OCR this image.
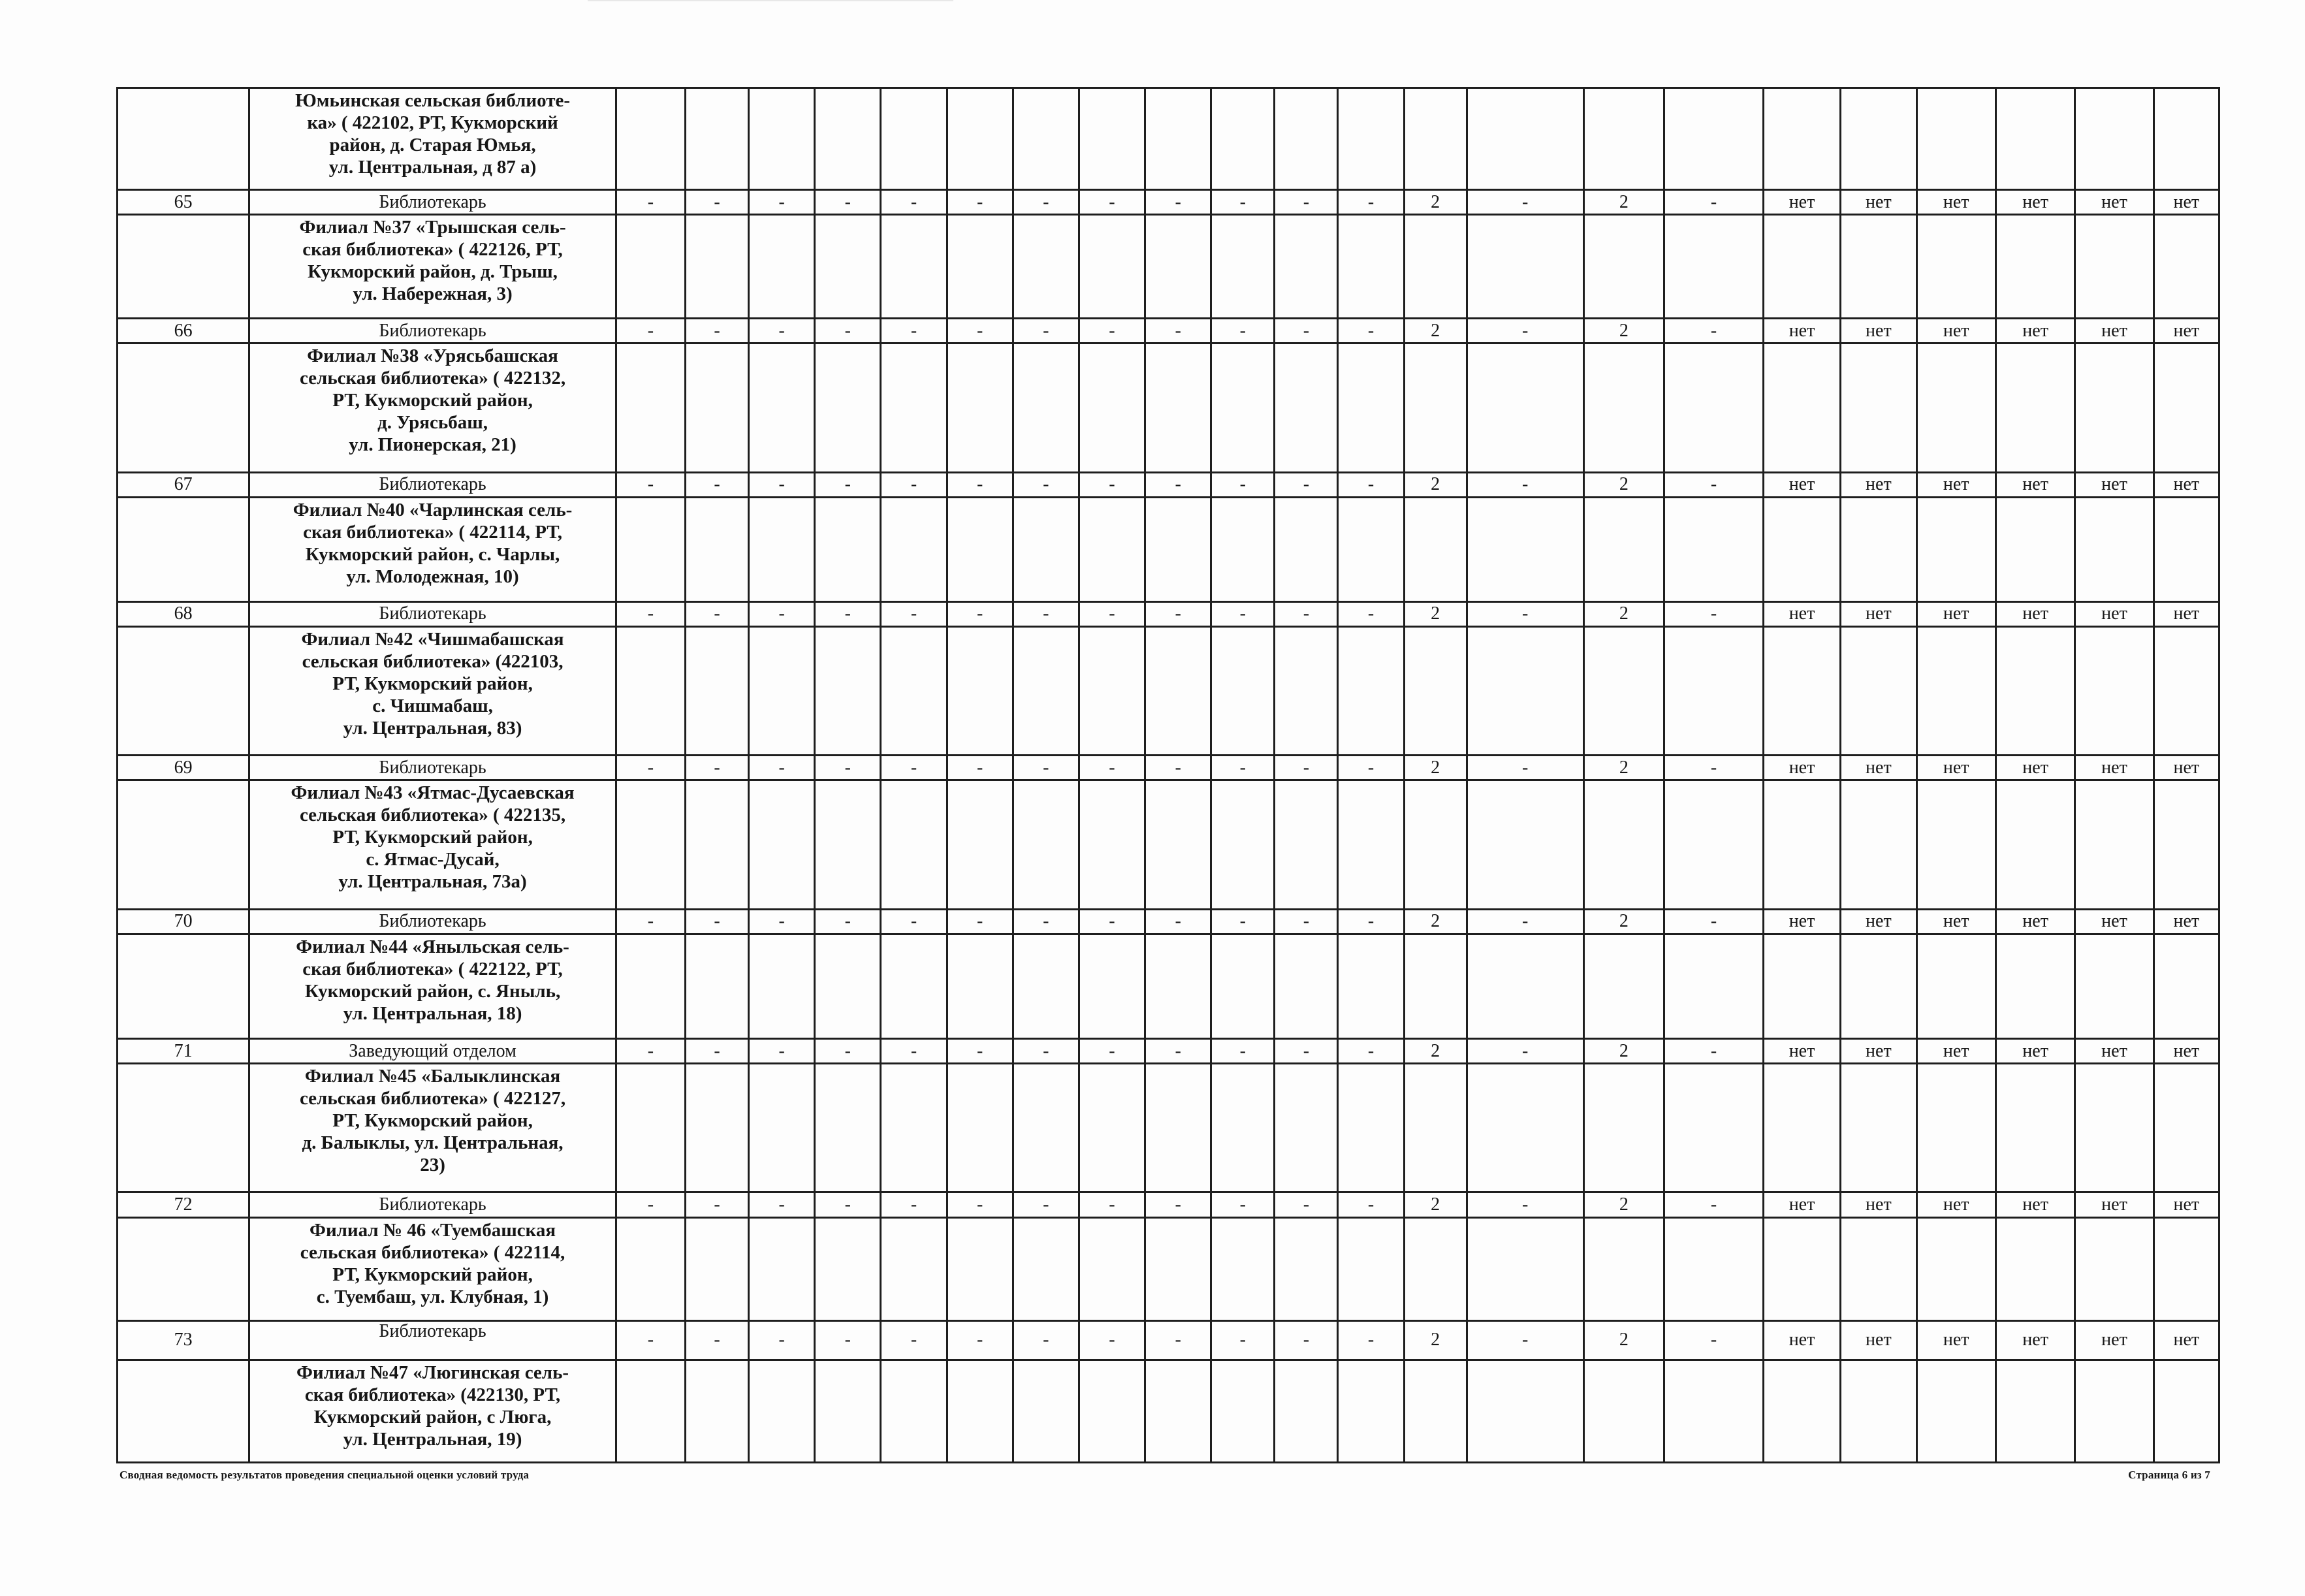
	Юмьинская сельская библиоте-
ка» ( 422102, РТ, Кукморский
район, д. Старая Юмья,
ул. Центральная, д 87 а)																						
65	Библиотекарь	-	-	-	-	-	-	-	-	-	-	-	-	2	-	2	-	нет	нет	нет	нет	нет	нет
	Филиал №37 «Трышская сель-
ская библиотека» ( 422126, РТ,
Кукморский район, д. Трыш,
ул. Набережная, 3)																						
66	Библиотекарь	-	-	-	-	-	-	-	-	-	-	-	-	2	-	2	-	нет	нет	нет	нет	нет	нет
	Филиал №38 «Урясьбашская
сельская библиотека» ( 422132,
РТ, Кукморский район,
д. Урясьбаш,
ул. Пионерская, 21)																						
67	Библиотекарь	-	-	-	-	-	-	-	-	-	-	-	-	2	-	2	-	нет	нет	нет	нет	нет	нет
	Филиал №40 «Чарлинская сель-
ская библиотека» ( 422114, РТ,
Кукморский район, с. Чарлы,
ул. Молодежная, 10)																						
68	Библиотекарь	-	-	-	-	-	-	-	-	-	-	-	-	2	-	2	-	нет	нет	нет	нет	нет	нет
	Филиал №42 «Чишмабашская
сельская библиотека» (422103,
РТ, Кукморский район,
с. Чишмабаш,
ул. Центральная, 83)																						
69	Библиотекарь	-	-	-	-	-	-	-	-	-	-	-	-	2	-	2	-	нет	нет	нет	нет	нет	нет
	Филиал №43 «Ятмас-Дусаевская
сельская библиотека» ( 422135,
РТ, Кукморский район,
с. Ятмас-Дусай,
ул. Центральная, 73а)																						
70	Библиотекарь	-	-	-	-	-	-	-	-	-	-	-	-	2	-	2	-	нет	нет	нет	нет	нет	нет
	Филиал №44 «Яныльская сель-
ская библиотека» ( 422122, РТ,
Кукморский район, с. Яныль,
ул. Центральная, 18)																						
71	Заведующий отделом	-	-	-	-	-	-	-	-	-	-	-	-	2	-	2	-	нет	нет	нет	нет	нет	нет
	Филиал №45 «Балыклинская
сельская библиотека» ( 422127,
РТ, Кукморский район,
д. Балыклы, ул. Центральная,
23)																						
72	Библиотекарь	-	-	-	-	-	-	-	-	-	-	-	-	2	-	2	-	нет	нет	нет	нет	нет	нет
	Филиал № 46 «Туембашская
сельская библиотека» ( 422114,
РТ, Кукморский район,
с. Туембаш, ул. Клубная, 1)																						
73	Библиотекарь	-	-	-	-	-	-	-	-	-	-	-	-	2	-	2	-	нет	нет	нет	нет	нет	нет
	Филиал №47 «Люгинская сель-
ская библиотека» (422130, РТ,
Кукморский район, с Люга,
ул. Центральная, 19)																						
Сводная ведомость результатов проведения специальной оценки условий труда	Страница 6 из 7
